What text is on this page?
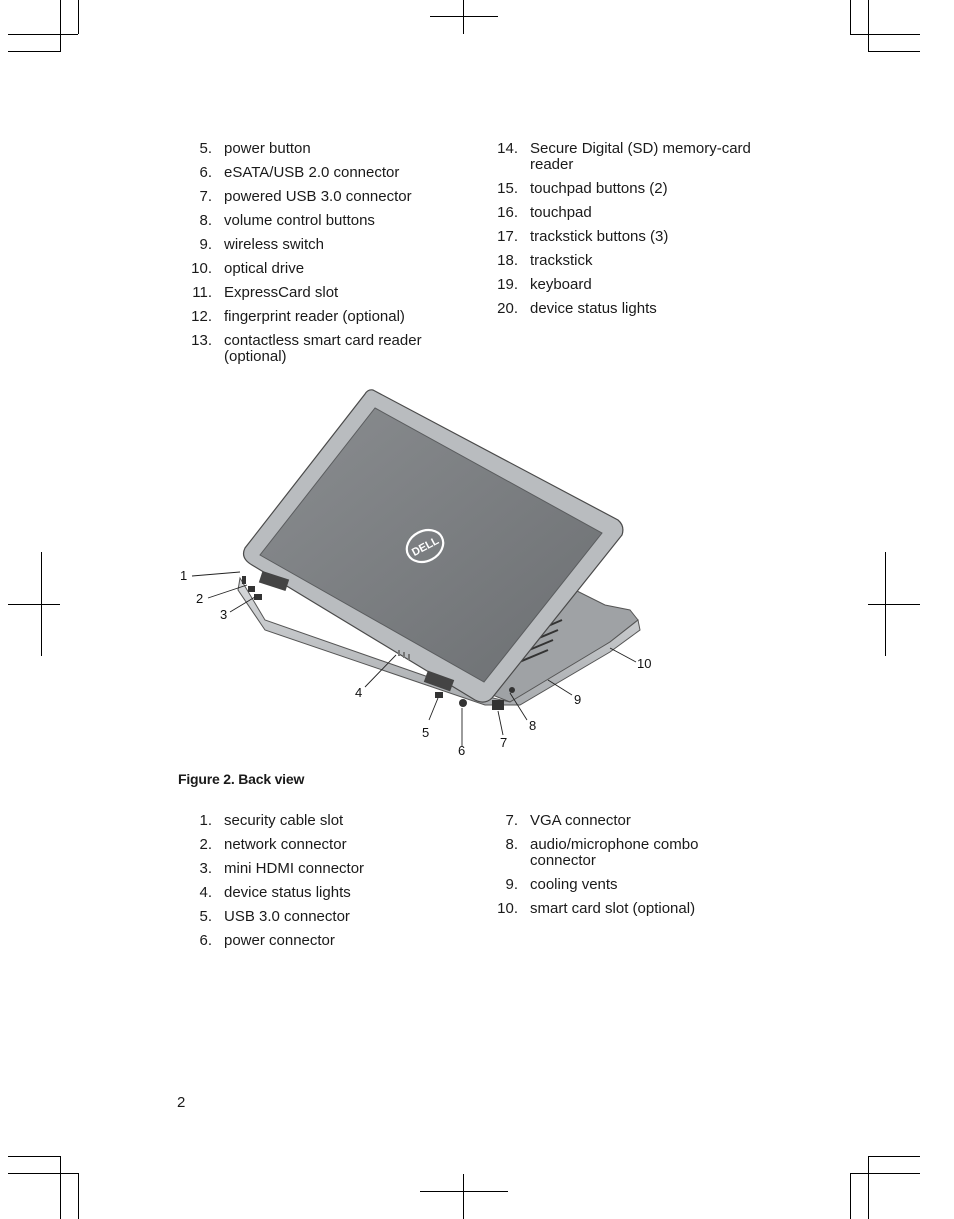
5. power button
6. eSATA/USB 2.0 connector
7. powered USB 3.0 connector
8. volume control buttons
9. wireless switch
10. optical drive
11. ExpressCard slot
12. fingerprint reader (optional)
13. contactless smart card reader (optional)
14. Secure Digital (SD) memory-card reader
15. touchpad buttons (2)
16. touchpad
17. trackstick buttons (3)
18. trackstick
19. keyboard
20. device status lights
DELL
1
2
3
4
5
6
7
8
9
10
Figure 2. Back view
1. security cable slot
2. network connector
3. mini HDMI connector
4. device status lights
5. USB 3.0 connector
6. power connector
7. VGA connector
8. audio/microphone combo connector
9. cooling vents
10. smart card slot (optional)
2
